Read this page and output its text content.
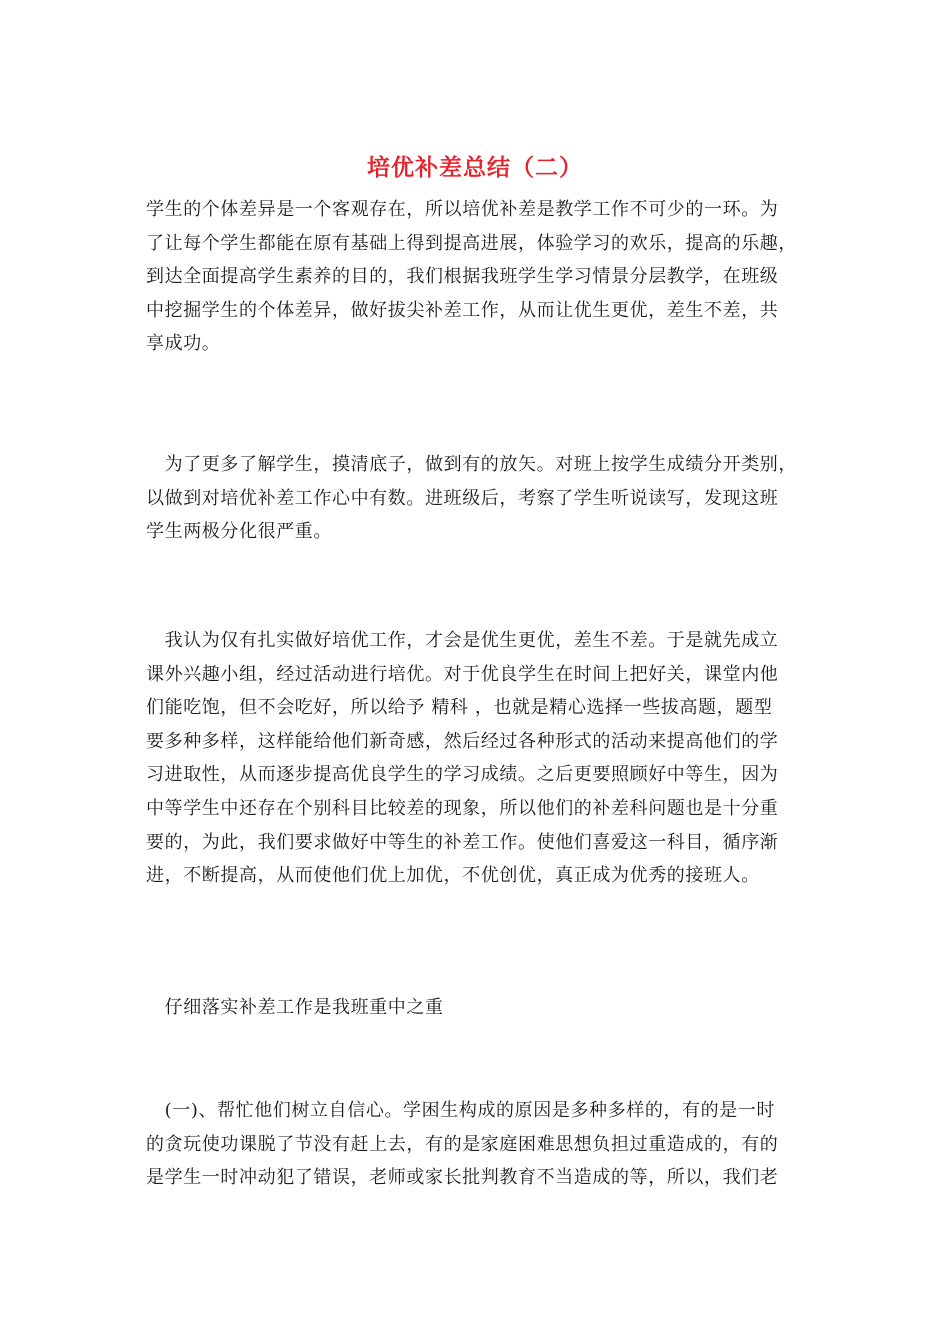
培优补差总结（二）
学生的个体差异是一个客观存在，所以培优补差是教学工作不可少的一环。为
了让每个学生都能在原有基础上得到提高进展，体验学习的欢乐，提高的乐趣，
到达全面提高学生素养的目的，我们根据我班学生学习情景分层教学，在班级
中挖掘学生的个体差异，做好拔尖补差工作，从而让优生更优，差生不差，共
享成功。
　为了更多了解学生，摸清底子，做到有的放矢。对班上按学生成绩分开类别，
以做到对培优补差工作心中有数。进班级后，考察了学生听说读写，发现这班
学生两极分化很严重。
　我认为仅有扎实做好培优工作，才会是优生更优，差生不差。于是就先成立
课外兴趣小组，经过活动进行培优。对于优良学生在时间上把好关，课堂内他
们能吃饱，但不会吃好，所以给予 精科 ，也就是精心选择一些拔高题，题型
要多种多样，这样能给他们新奇感，然后经过各种形式的活动来提高他们的学
习进取性，从而逐步提高优良学生的学习成绩。之后更要照顾好中等生，因为
中等学生中还存在个别科目比较差的现象，所以他们的补差科问题也是十分重
要的，为此，我们要求做好中等生的补差工作。使他们喜爱这一科目，循序渐
进，不断提高，从而使他们优上加优，不优创优，真正成为优秀的接班人。
　仔细落实补差工作是我班重中之重
　(一)、帮忙他们树立自信心。学困生构成的原因是多种多样的，有的是一时
的贪玩使功课脱了节没有赶上去，有的是家庭困难思想负担过重造成的，有的
是学生一时冲动犯了错误，老师或家长批判教育不当造成的等，所以，我们老
